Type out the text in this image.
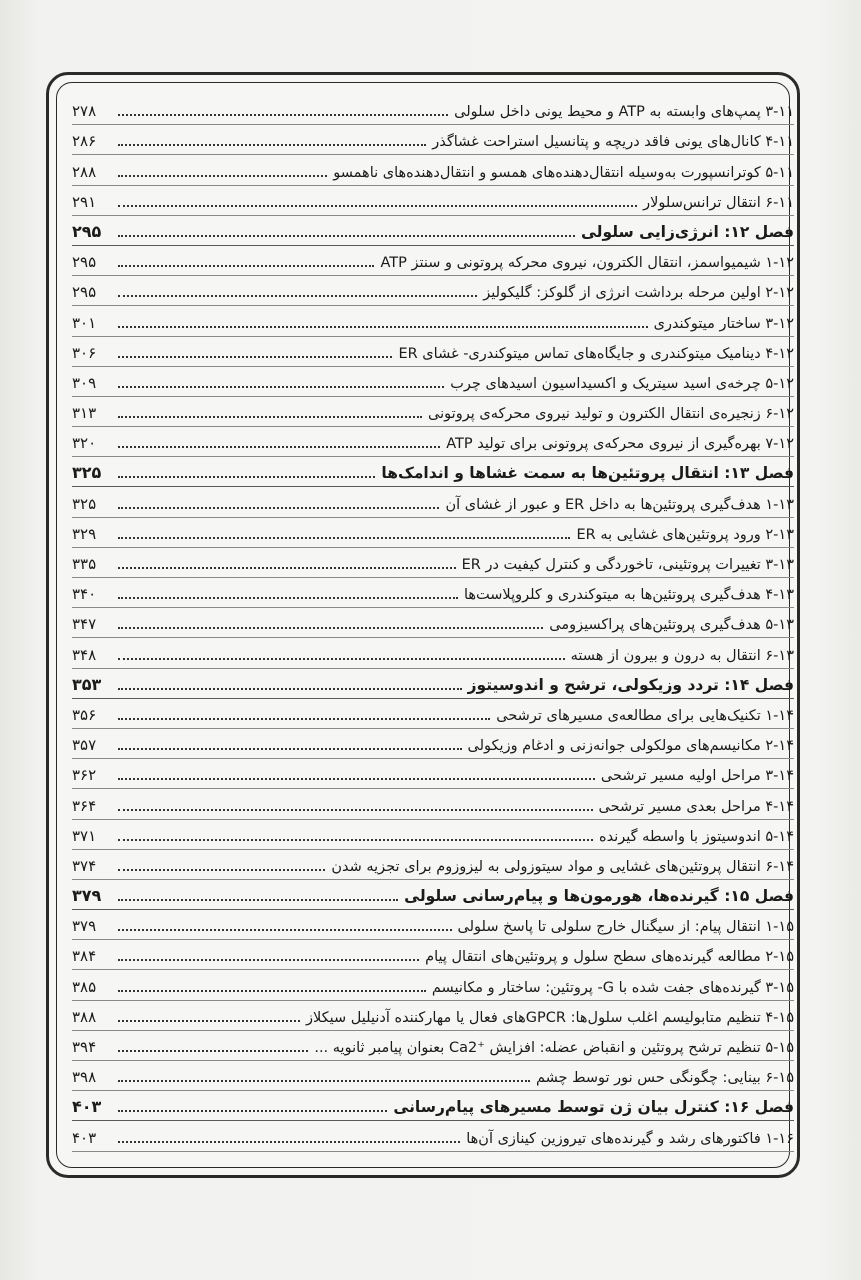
۲۷۸	۳-۱۱ پمپ‌های وابسته به ATP و محیط یونی داخل سلولی
۲۸۶	۴-۱۱ کانال‌های یونی فاقد دریچه و پتانسیل استراحت غشاگذر
۲۸۸	۵-۱۱ کوترانسپورت به‌وسیله انتقال‌دهنده‌های همسو و انتقال‌دهنده‌های ناهمسو
۲۹۱	۶-۱۱ انتقال ترانس‌سلولار
۲۹۵	فصل ۱۲: انرژی‌زایی سلولی
۲۹۵	۱-۱۲ شیمیواسمز، انتقال الکترون، نیروی محرکه پروتونی و سنتز ATP
۲۹۵	۲-۱۲ اولین مرحله برداشت انرژی از گلوکز: گلیکولیز
۳۰۱	۳-۱۲ ساختار میتوکندری
۳۰۶	۴-۱۲ دینامیک میتوکندری و جایگاه‌های تماس میتوکندری- غشای ER
۳۰۹	۵-۱۲ چرخه‌ی اسید سیتریک و اکسیداسیون اسیدهای چرب
۳۱۳	۶-۱۲ زنجیره‌ی انتقال الکترون و تولید نیروی محرکه‌ی پروتونی
۳۲۰	۷-۱۲ بهره‌گیری از نیروی محرکه‌ی پروتونی برای تولید ATP
۳۲۵	فصل ۱۳: انتقال پروتئین‌ها به سمت غشاها و اندامک‌ها
۳۲۵	۱-۱۳ هدف‌گیری پروتئین‌ها به داخل ER و عبور از غشای آن
۳۲۹	۲-۱۳ ورود پروتئین‌های غشایی به ER
۳۳۵	۳-۱۳ تغییرات پروتئینی، تاخوردگی و کنترل کیفیت در ER
۳۴۰	۴-۱۳ هدف‌گیری پروتئین‌ها به میتوکندری و کلروپلاست‌ها
۳۴۷	۵-۱۳ هدف‌گیری پروتئین‌های پراکسیزومی
۳۴۸	۶-۱۳ انتقال به درون و بیرون از هسته
۳۵۳	فصل ۱۴: تردد وزیکولی، ترشح و اندوسیتوز
۳۵۶	۱-۱۴ تکنیک‌هایی برای مطالعه‌ی مسیرهای ترشحی
۳۵۷	۲-۱۴ مکانیسم‌های مولکولی جوانه‌زنی و ادغام وزیکولی
۳۶۲	۳-۱۴ مراحل اولیه مسیر ترشحی
۳۶۴	۴-۱۴ مراحل بعدی مسیر ترشحی
۳۷۱	۵-۱۴ اندوسیتوز با واسطه گیرنده
۳۷۴	۶-۱۴ انتقال پروتئین‌های غشایی و مواد سیتوزولی به لیزوزوم برای تجزیه شدن
۳۷۹	فصل ۱۵: گیرنده‌ها، هورمون‌ها و پیام‌رسانی سلولی
۳۷۹	۱-۱۵ انتقال پیام: از سیگنال خارج سلولی تا پاسخ سلولی
۳۸۴	۲-۱۵ مطالعه گیرنده‌های سطح سلول و پروتئین‌های انتقال پیام
۳۸۵	۳-۱۵ گیرنده‌های جفت شده با G- پروتئین: ساختار و مکانیسم
۳۸۸	۴-۱۵ تنظیم متابولیسم اغلب سلول‌ها: GPCRهای فعال یا مهارکننده آدنیلیل سیکلاز
۳۹۴	۵-۱۵ تنظیم ترشح پروتئین و انقباض عضله: افزایش ⁺Ca2 بعنوان پیامبر ثانویه ...
۳۹۸	۶-۱۵ بینایی: چگونگی حس نور توسط چشم
۴۰۳	فصل ۱۶: کنترل بیان ژن توسط مسیرهای پیام‌رسانی
۴۰۳	۱-۱۶ فاکتورهای رشد و گیرنده‌های تیروزین کینازی آن‌ها
